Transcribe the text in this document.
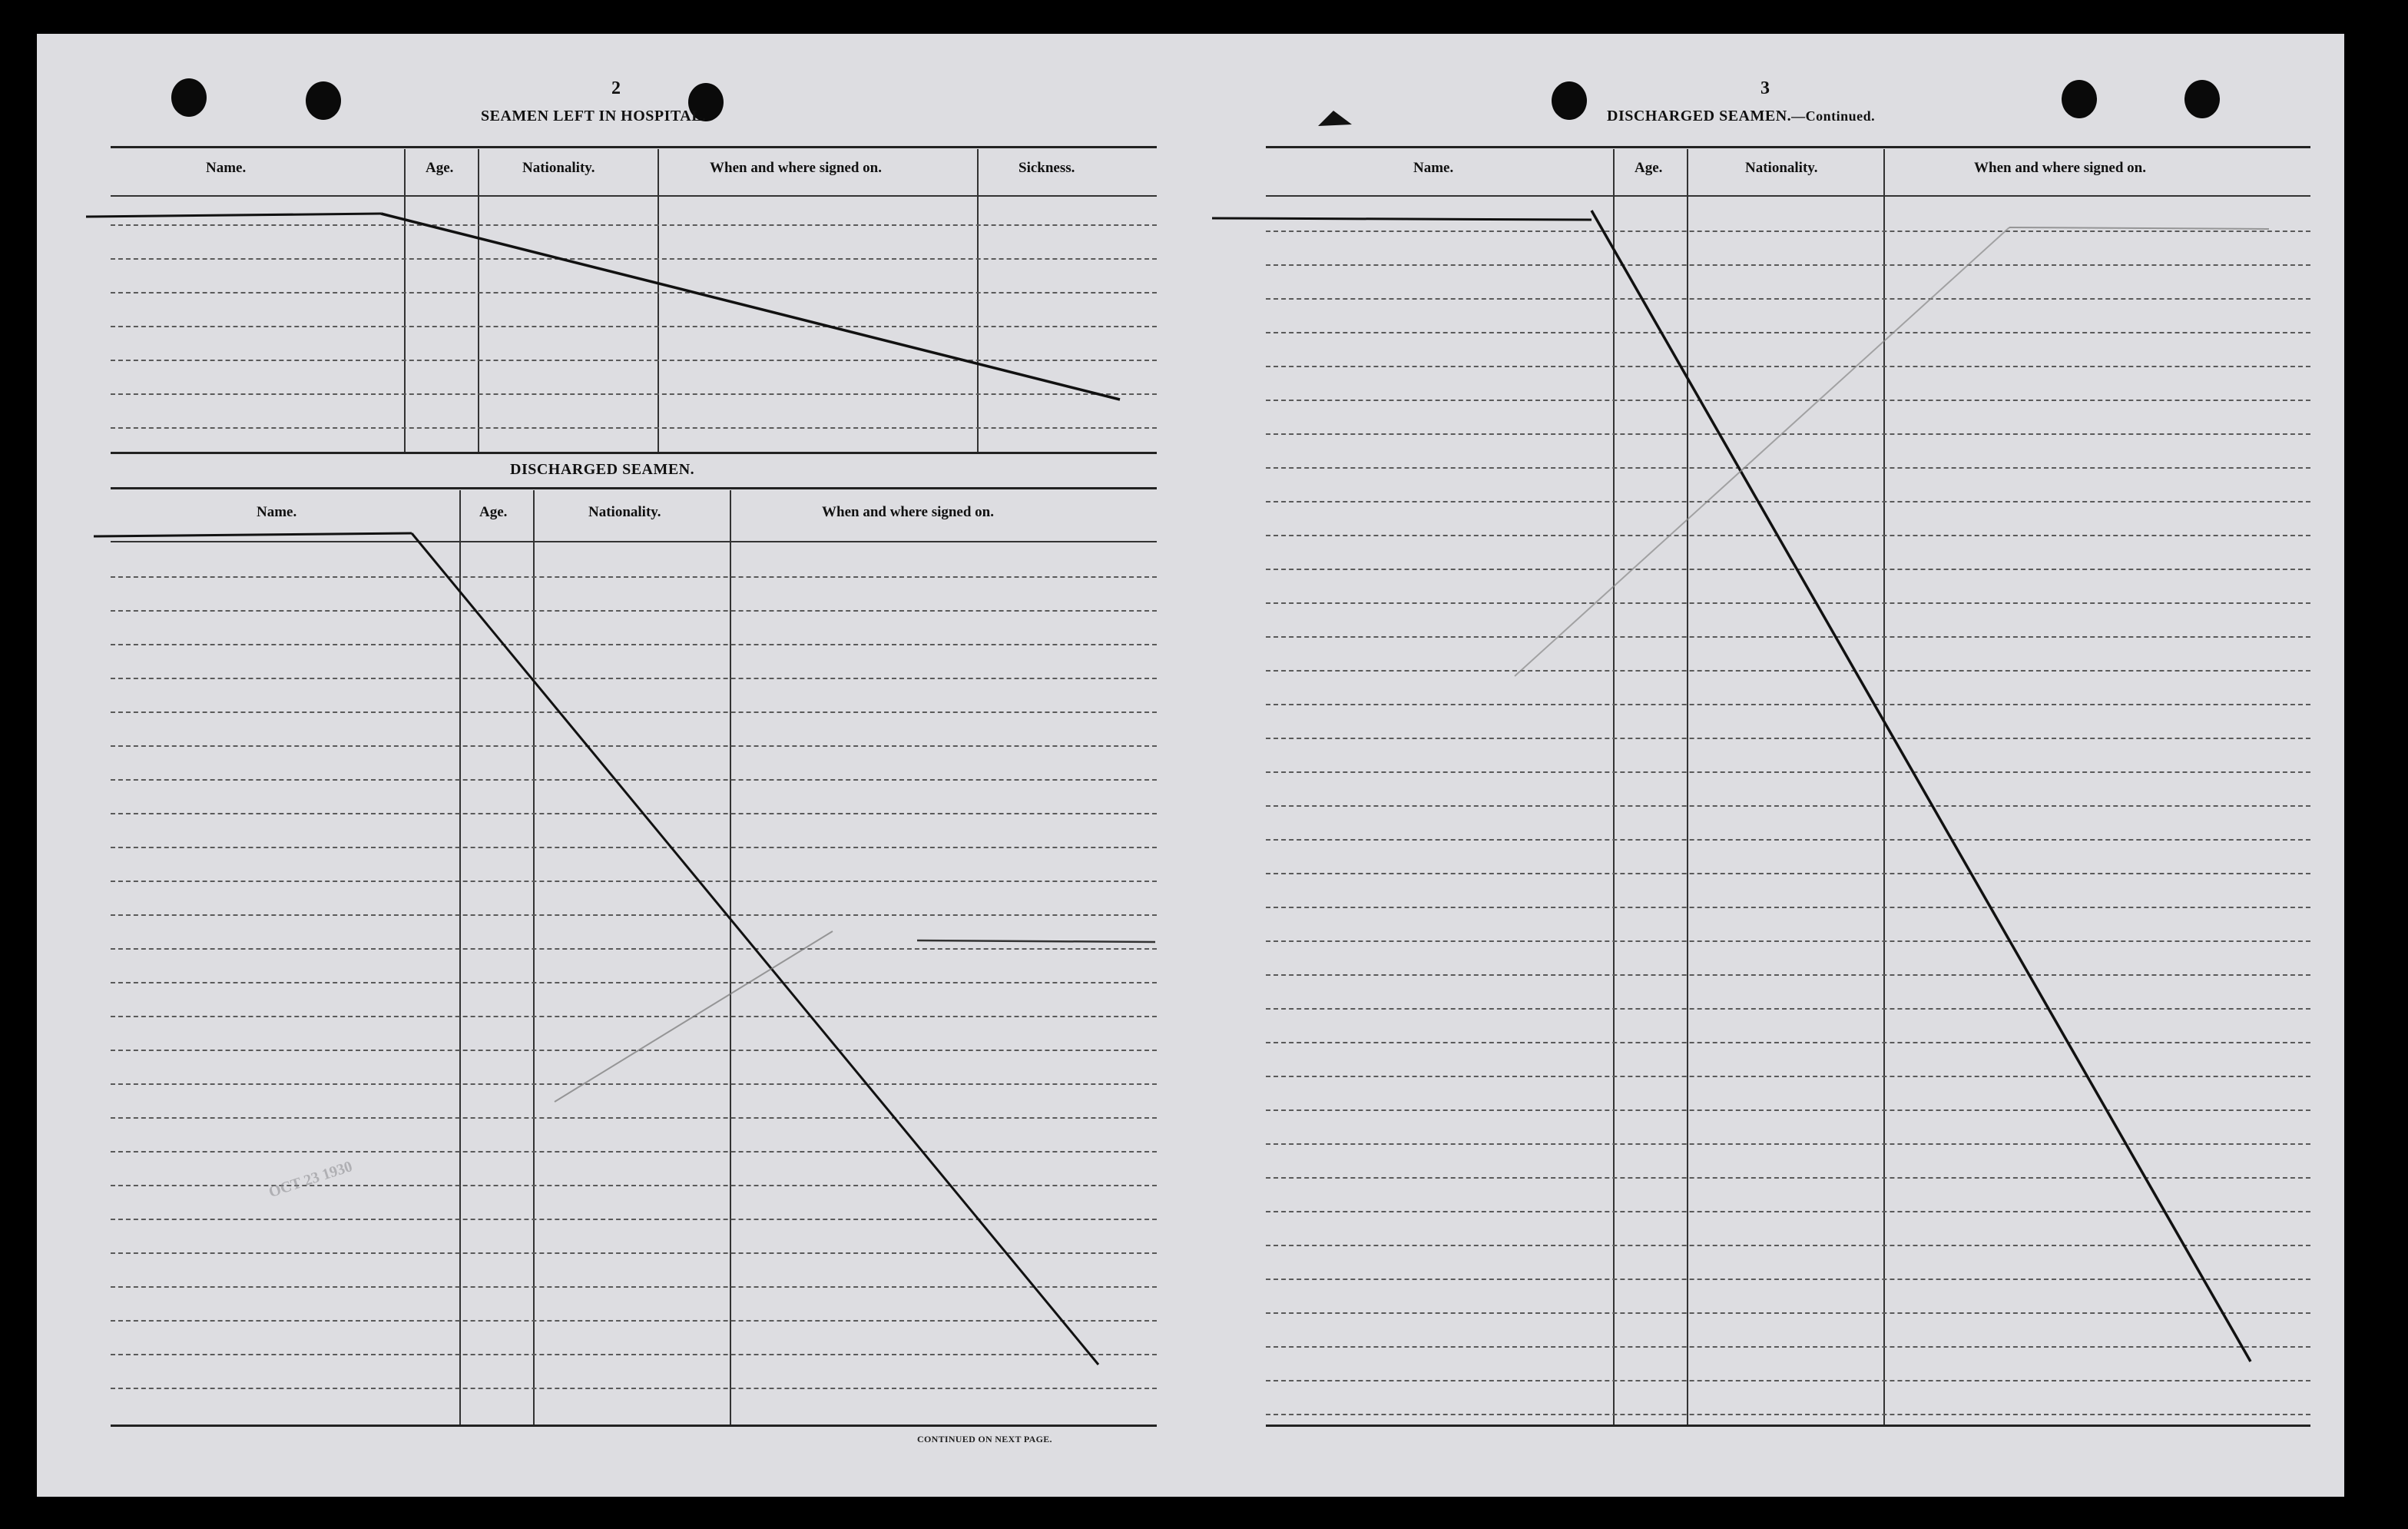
2
SEAMEN LEFT IN HOSPITAL.
Name.	Age.	Nationality.	When and where signed on.	Sickness.
DISCHARGED SEAMEN.
Name.	Age.	Nationality.	When and where signed on.
CONTINUED ON NEXT PAGE.
3
DISCHARGED SEAMEN.—Continued.
Name.	Age.	Nationality.	When and where signed on.
OCT 23 1930
